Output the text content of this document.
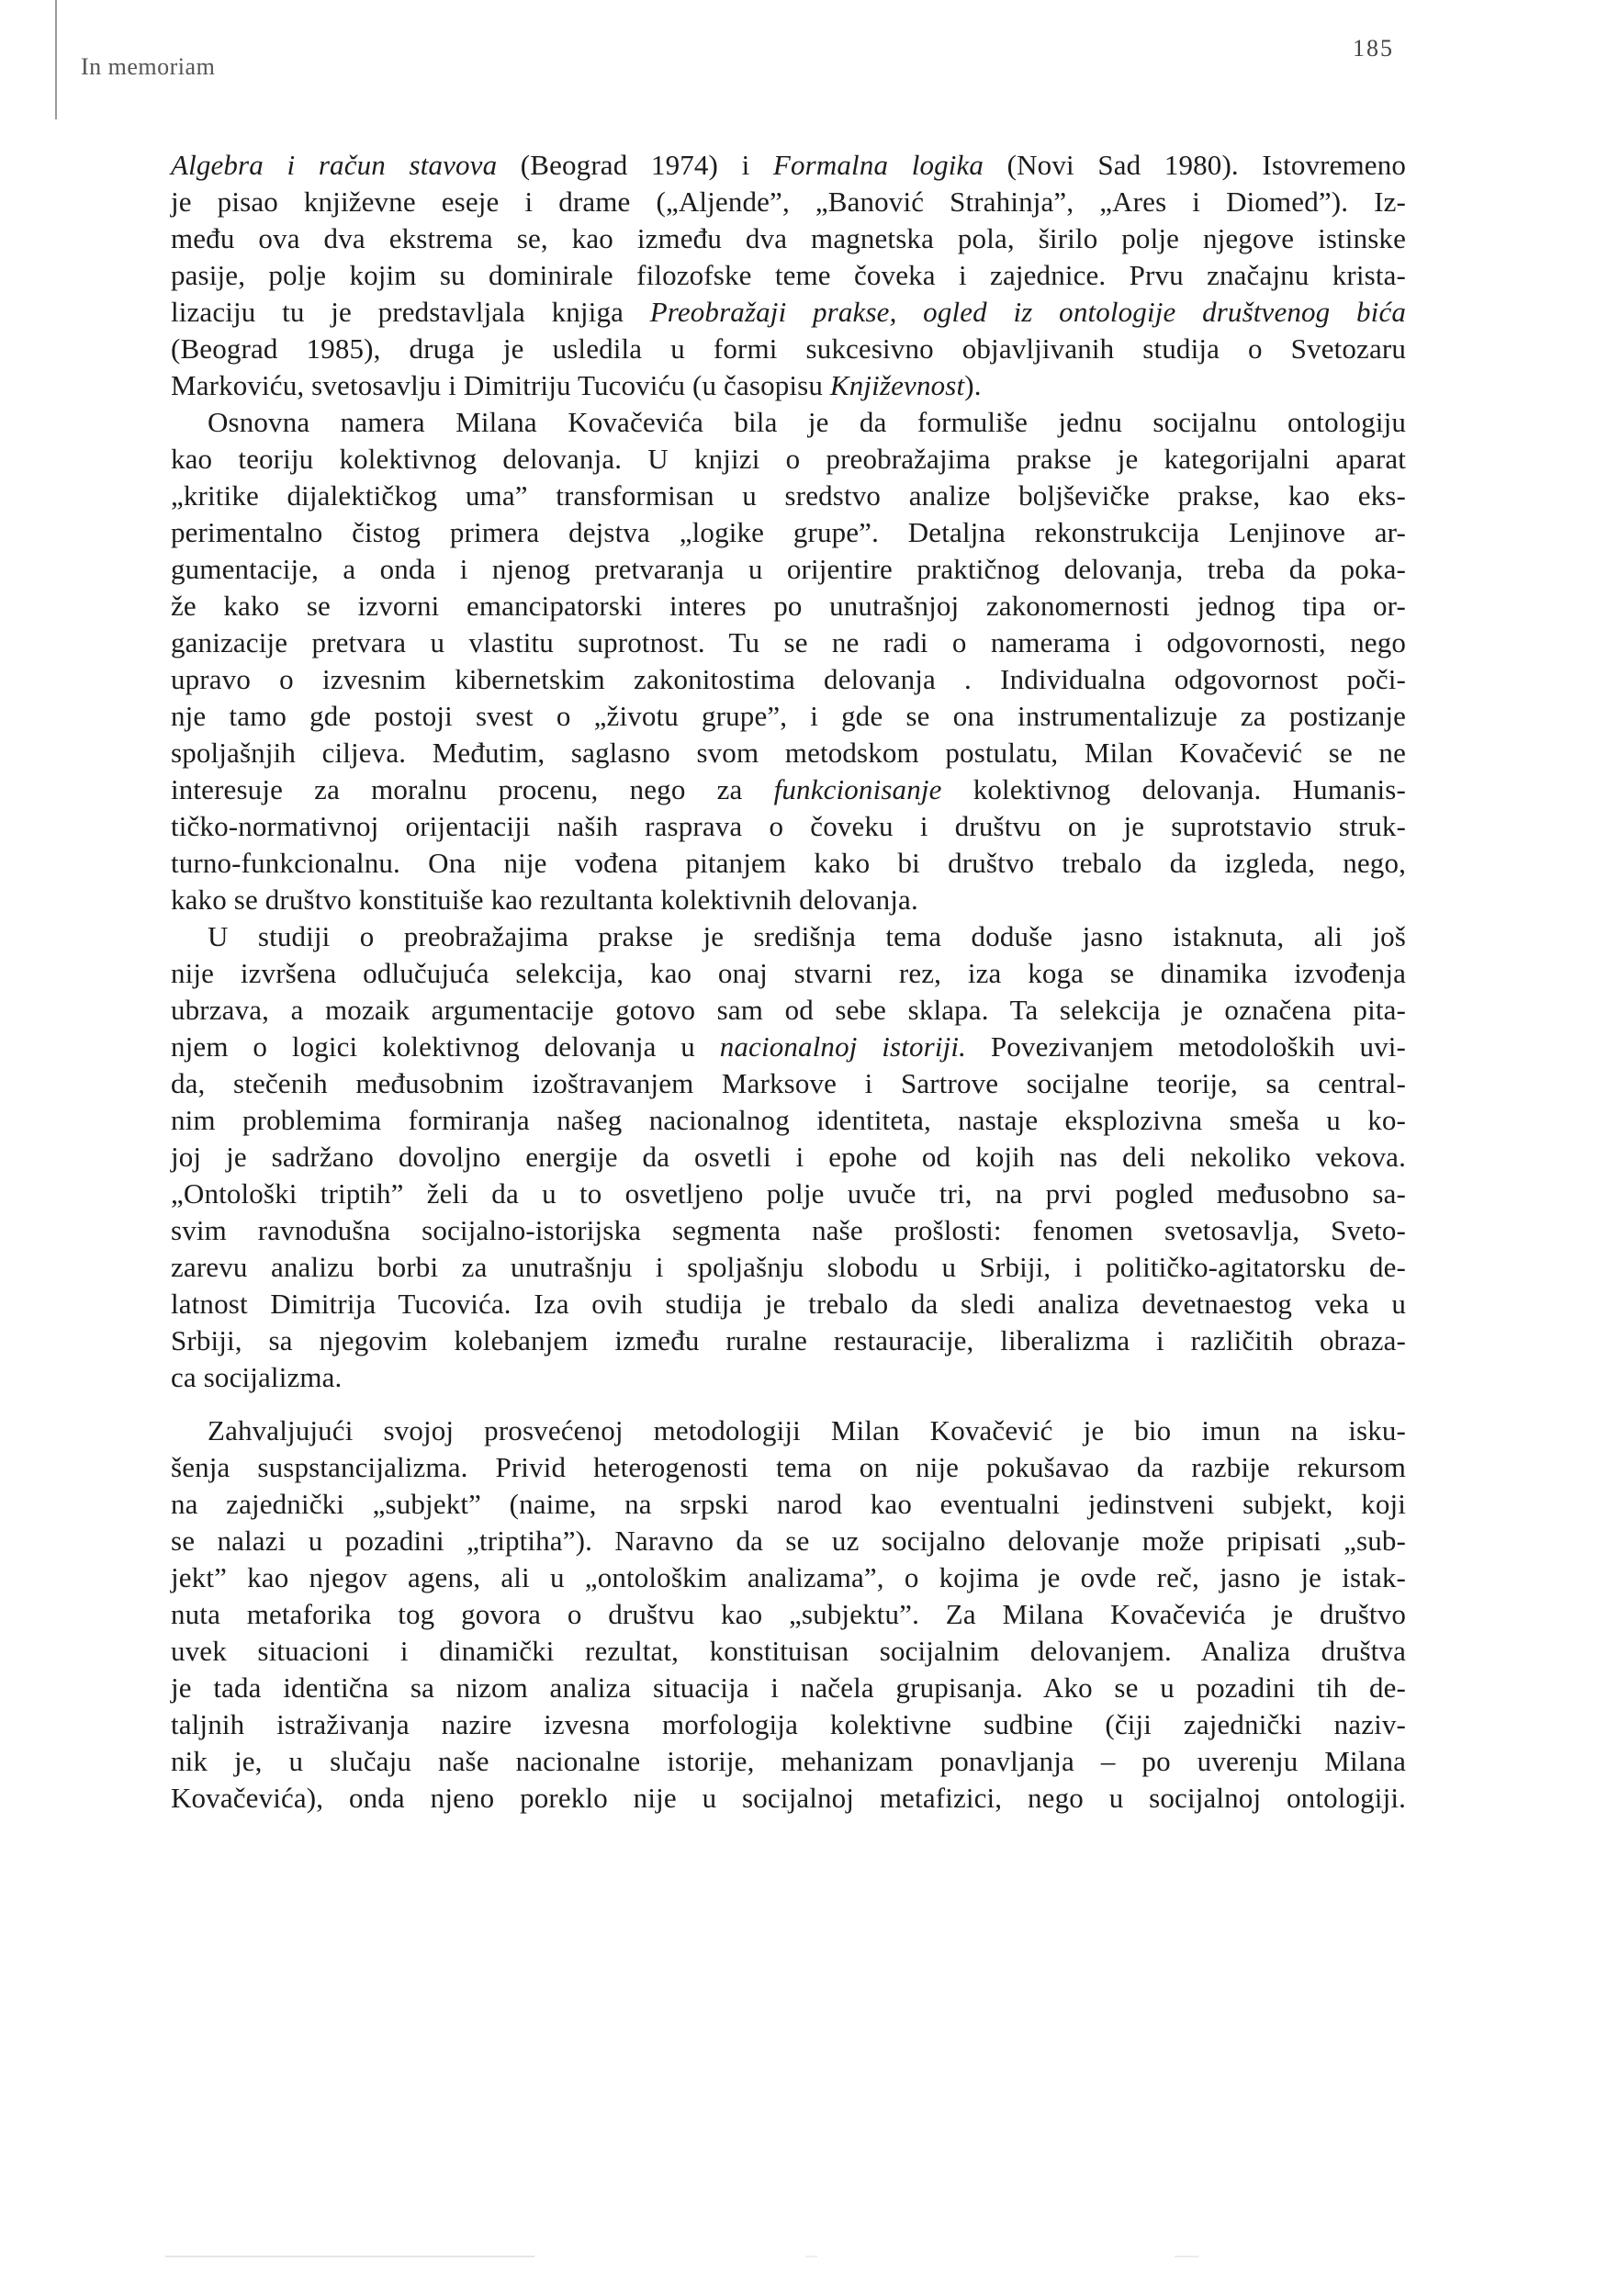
In memoriam
185
Algebra i račun stavova (Beograd 1974) i Formalna logika (Novi Sad 1980). Istovremeno
je pisao književne eseje i drame („Aljende”, „Banović Strahinja”, „Ares i Diomed”). Iz-
među ova dva ekstrema se, kao između dva magnetska pola, širilo polje njegove istinske
pasije, polje kojim su dominirale filozofske teme čoveka i zajednice. Prvu značajnu krista-
lizaciju tu je predstavljala knjiga Preobražaji prakse, ogled iz ontologije društvenog bića
(Beograd 1985), druga je usledila u formi sukcesivno objavljivanih studija o Svetozaru
Markoviću, svetosavlju i Dimitriju Tucoviću (u časopisu Književnost).
Osnovna namera Milana Kovačevića bila je da formuliše jednu socijalnu ontologiju
kao teoriju kolektivnog delovanja. U knjizi o preobražajima prakse je kategorijalni aparat
„kritike dijalektičkog uma” transformisan u sredstvo analize boljševičke prakse, kao eks-
perimentalno čistog primera dejstva „logike grupe”. Detaljna rekonstrukcija Lenjinove ar-
gumentacije, a onda i njenog pretvaranja u orijentire praktičnog delovanja, treba da poka-
že kako se izvorni emancipatorski interes po unutrašnjoj zakonomernosti jednog tipa or-
ganizacije pretvara u vlastitu suprotnost. Tu se ne radi o namerama i odgovornosti, nego
upravo o izvesnim kibernetskim zakonitostima delovanja . Individualna odgovornost poči-
nje tamo gde postoji svest o „životu grupe”, i gde se ona instrumentalizuje za postizanje
spoljašnjih ciljeva. Međutim, saglasno svom metodskom postulatu, Milan Kovačević se ne
interesuje za moralnu procenu, nego za funkcionisanje kolektivnog delovanja. Humanis-
tičko-normativnoj orijentaciji naših rasprava o čoveku i društvu on je suprotstavio struk-
turno-funkcionalnu. Ona nije vođena pitanjem kako bi društvo trebalo da izgleda, nego,
kako se društvo konstituiše kao rezultanta kolektivnih delovanja.
U studiji o preobražajima prakse je središnja tema doduše jasno istaknuta, ali još
nije izvršena odlučujuća selekcija, kao onaj stvarni rez, iza koga se dinamika izvođenja
ubrzava, a mozaik argumentacije gotovo sam od sebe sklapa. Ta selekcija je označena pita-
njem o logici kolektivnog delovanja u nacionalnoj istoriji. Povezivanjem metodoloških uvi-
da, stečenih međusobnim izoštravanjem Marksove i Sartrove socijalne teorije, sa central-
nim problemima formiranja našeg nacionalnog identiteta, nastaje eksplozivna smeša u ko-
joj je sadržano dovoljno energije da osvetli i epohe od kojih nas deli nekoliko vekova.
„Ontološki triptih” želi da u to osvetljeno polje uvuče tri, na prvi pogled međusobno sa-
svim ravnodušna socijalno-istorijska segmenta naše prošlosti: fenomen svetosavlja, Sveto-
zarevu analizu borbi za unutrašnju i spoljašnju slobodu u Srbiji, i političko-agitatorsku de-
latnost Dimitrija Tucovića. Iza ovih studija je trebalo da sledi analiza devetnaestog veka u
Srbiji, sa njegovim kolebanjem između ruralne restauracije, liberalizma i različitih obraza-
ca socijalizma.
Zahvaljujući svojoj prosvećenoj metodologiji Milan Kovačević je bio imun na isku-
šenja suspstancijalizma. Privid heterogenosti tema on nije pokušavao da razbije rekursom
na zajednički „subjekt” (naime, na srpski narod kao eventualni jedinstveni subjekt, koji
se nalazi u pozadini „triptiha”). Naravno da se uz socijalno delovanje može pripisati „sub-
jekt” kao njegov agens, ali u „ontološkim analizama”, o kojima je ovde reč, jasno je istak-
nuta metaforika tog govora o društvu kao „subjektu”. Za Milana Kovačevića je društvo
uvek situacioni i dinamički rezultat, konstituisan socijalnim delovanjem. Analiza društva
je tada identična sa nizom analiza situacija i načela grupisanja. Ako se u pozadini tih de-
taljnih istraživanja nazire izvesna morfologija kolektivne sudbine (čiji zajednički naziv-
nik je, u slučaju naše nacionalne istorije, mehanizam ponavljanja – po uverenju Milana
Kovačevića), onda njeno poreklo nije u socijalnoj metafizici, nego u socijalnoj ontologiji.
